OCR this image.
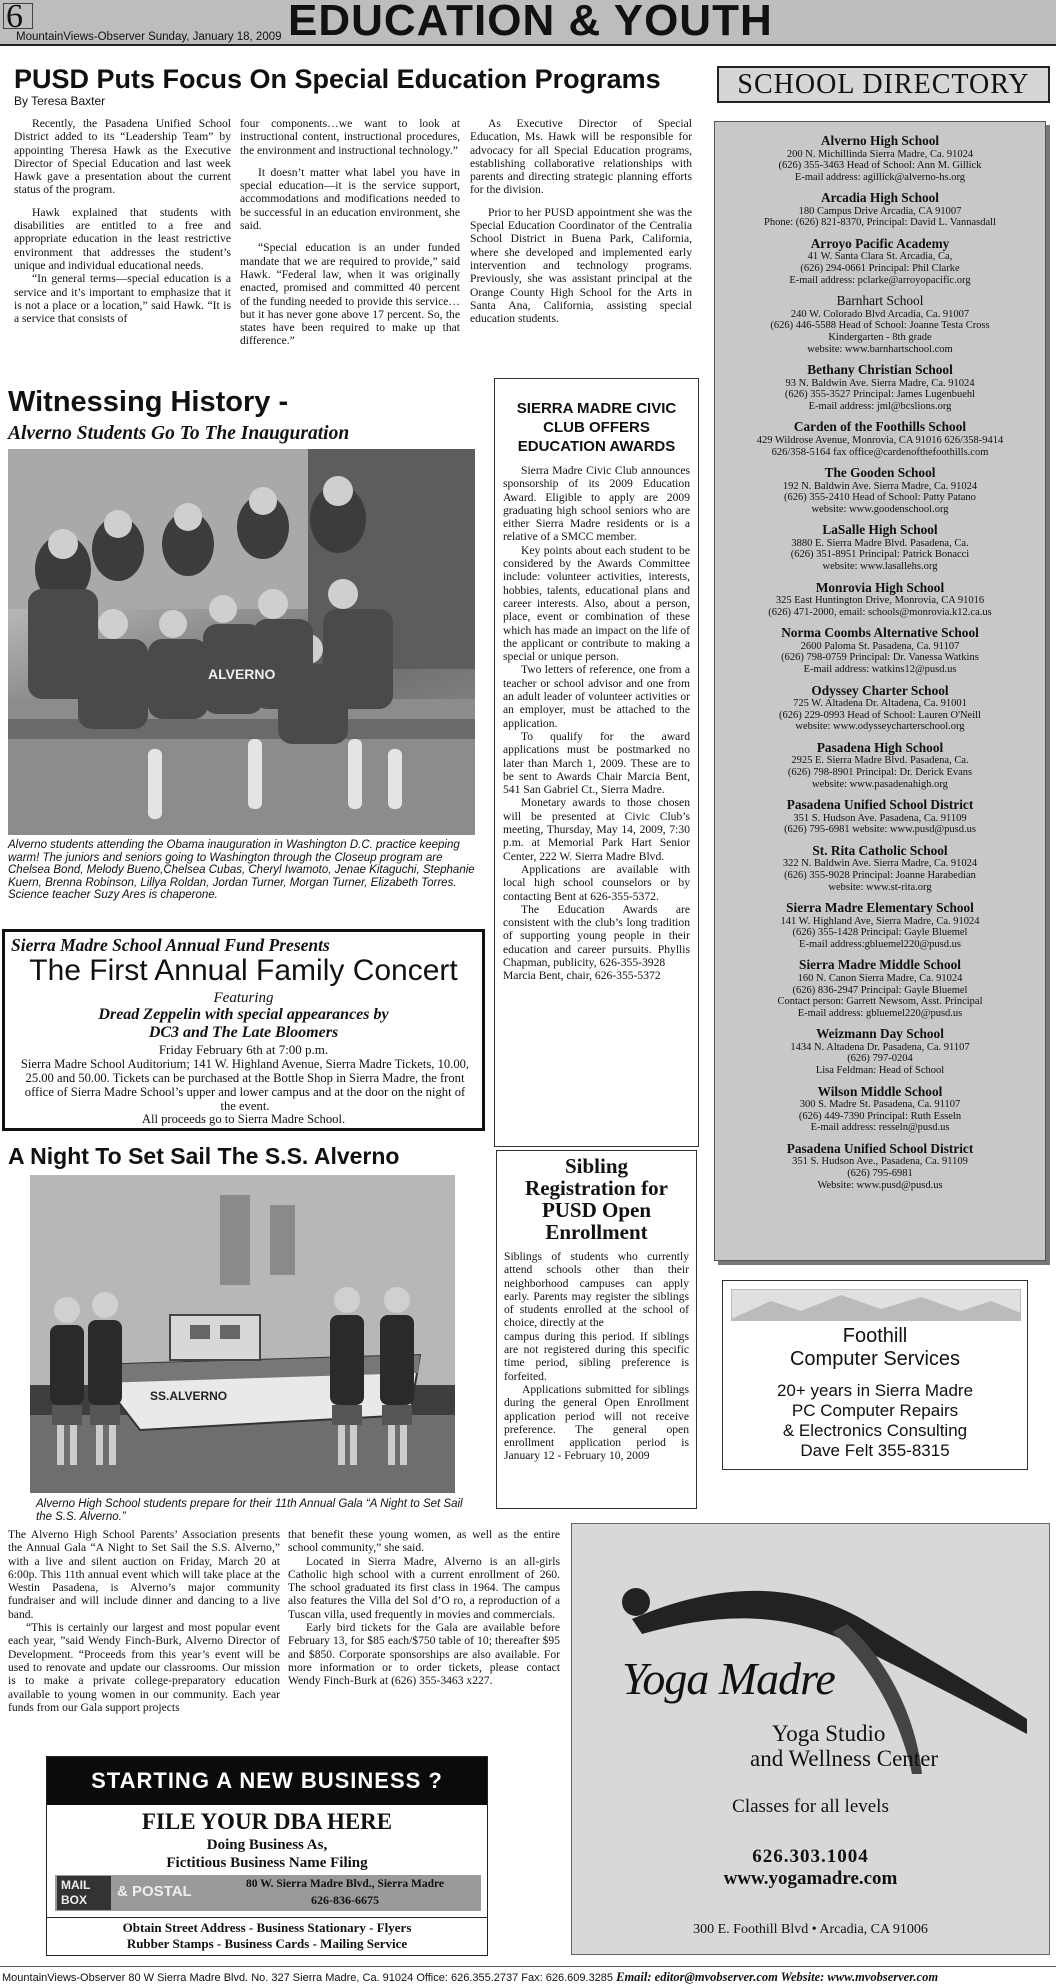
6	EDUCATION & YOUTH
MountainViews-Observer Sunday, January 18, 2009
PUSD Puts Focus On Special Education Programs
By Teresa Baxter

Recently, the Pasadena Unified School District added to its “Leadership Team” by appointing Theresa Hawk as the Executive Director of Special Education and last week Hawk gave a presentation about the current status of the program.

Hawk explained that students with disabilities are entitled to a free and appropriate education in the least restrictive environment that addresses the student’s unique and individual educational needs.

“In general terms—special education is a service and it’s important to emphasize that it is not a place or a location,” said Hawk. “It is a service that consists of

four components…we want to look at instructional content, instructional procedures, the environment and instructional technology.”

It doesn’t matter what label you have in special education—it is the service support, accommodations and modifications needed to be successful in an education environment, she said.

“Special education is an under funded mandate that we are required to provide,” said Hawk. “Federal law, when it was originally enacted, promised and committed 40 percent of the funding needed to provide this service…but it has never gone above 17 percent. So, the states have been required to make up that difference.”

As Executive Director of Special Education, Ms. Hawk will be responsible for advocacy for all Special Education programs, establishing collaborative relationships with parents and directing strategic planning efforts for the division.

Prior to her PUSD appointment she was the Special Education Coordinator of the Centralia School District in Buena Park, California, where she developed and implemented early intervention and technology programs. Previously, she was assistant principal at the Orange County High School for the Arts in Santa Ana, California, assisting special education students.

Witnessing History -
Alverno Students Go To The Inauguration
ALVERNO
Alverno students attending the Obama inauguration in Washington D.C. practice keeping warm! The juniors and seniors going to Washington through the Closeup program are Chelsea Bond, Melody Bueno,Chelsea Cubas, Cheryl Iwamoto, Jenae Kitaguchi, Stephanie Kuern, Brenna Robinson, Lillya Roldan, Jordan Turner, Morgan Turner, Elizabeth Torres.
Science teacher Suzy Ares is chaperone.
Sierra Madre School Annual Fund Presents
The First Annual Family Concert
Featuring
Dread Zeppelin with special appearances by
DC3 and The Late Bloomers
Friday February 6th at 7:00 p.m.
Sierra Madre School Auditorium; 141 W. Highland Avenue, Sierra Madre Tickets, 10.00, 25.00 and 50.00. Tickets can be purchased at the Bottle Shop in Sierra Madre, the front office of Sierra Madre School’s upper and lower campus and at the door on the night of the event.
All proceeds go to Sierra Madre School.
A Night To Set Sail The S.S. Alverno
SS.ALVERNO
Alverno High School students prepare for their 11th Annual Gala “A Night to Set Sail the S.S. Alverno.”

The Alverno High School Parents’ Association presents the Annual Gala “A Night to Set Sail the S.S. Alverno,” with a live and silent auction on Friday, March 20 at 6:00p. This 11th annual event which will take place at the Westin Pasadena, is Alverno’s major community fundraiser and will include dinner and dancing to a live band.

“This is certainly our largest and most popular event each year, ”said Wendy Finch-Burk, Alverno Director of Development. “Proceeds from this year’s event will be used to renovate and update our classrooms. Our mission is to make a private college-preparatory education available to young women in our community. Each year funds from our Gala support projects

that benefit these young women, as well as the entire school community,” she said.

Located in Sierra Madre, Alverno is an all-girls Catholic high school with a current enrollment of 260. The school graduated its first class in 1964. The campus also features the Villa del Sol d’O ro, a reproduction of a Tuscan villa, used frequently in movies and commercials.

Early bird tickets for the Gala are available before February 13, for $85 each/$750 table of 10; thereafter $95 and $850. Corporate sponsorships are also available. For more information or to order tickets, please contact Wendy Finch-Burk at (626) 355-3463 x227.

STARTING A NEW BUSINESS ?
FILE YOUR DBA HERE
Doing Business As,
Fictitious Business Name Filing
MAIL
BOX	& POSTAL	80 W. Sierra Madre Blvd., Sierra Madre
626-836-6675
Obtain Street Address - Business Stationary - Flyers
Rubber Stamps - Business Cards - Mailing Service
SIERRA MADRE CIVIC CLUB OFFERS EDUCATION AWARDS

Sierra Madre Civic Club announces sponsorship of its 2009 Education Award. Eligible to apply are 2009 graduating high school seniors who are either Sierra Madre residents or is a relative of a SMCC member.

Key points about each student to be considered by the Awards Committee include: volunteer activities, interests, hobbies, talents, educational plans and career interests. Also, about a person, place, event or combination of these which has made an impact on the life of the applicant or contribute to making a special or unique person.

Two letters of reference, one from a teacher or school advisor and one from an adult leader of volunteer activities or an employer, must be attached to the application.

To qualify for the award applications must be postmarked no later than March 1, 2009. These are to be sent to Awards Chair Marcia Bent, 541 San Gabriel Ct., Sierra Madre.

Monetary awards to those chosen will be presented at Civic Club’s meeting, Thursday, May 14, 2009, 7:30 p.m. at Memorial Park Hart Senior Center, 222 W. Sierra Madre Blvd.

Applications are available with local high school counselors or by contacting Bent at 626-355-5372.

The Education Awards are consistent with the club’s long tradition of supporting young people in their education and career pursuits. Phyllis Chapman, publicity, 626-355-3928

Marcia Bent, chair, 626-355-5372

Sibling Registration for PUSD Open Enrollment

Siblings of students who currently attend schools other than their neighborhood campuses can apply early. Parents may register the siblings of students enrolled at the school of choice, directly at the

campus during this period. If siblings are not registered during this specific time period, sibling preference is forfeited.

Applications submitted for siblings during the general Open Enrollment application period will not receive preference. The general open enrollment application period is January 12 - February 10, 2009

SCHOOL DIRECTORY
Alverno High School
200 N. Michillinda Sierra Madre, Ca. 91024
(626) 355-3463 Head of School: Ann M. Gillick
E-mail address: agillick@alverno-hs.org
Arcadia High School
180 Campus Drive Arcadia, CA 91007
Phone: (626) 821-8370, Principal: David L. Vannasdall
Arroyo Pacific Academy
41 W. Santa Clara St. Arcadia, Ca,
(626) 294-0661 Principal: Phil Clarke
E-mail address: pclarke@arroyopacific.org
Barnhart School
240 W. Colorado Blvd Arcadia, Ca. 91007
(626) 446-5588 Head of School: Joanne Testa Cross
Kindergarten - 8th grade
website: www.barnhartschool.com
Bethany Christian School
93 N. Baldwin Ave. Sierra Madre, Ca. 91024
(626) 355-3527 Principal: James Lugenbuehl
E-mail address: jml@bcslions.org
Carden of the Foothills School
429 Wildrose Avenue, Monrovia, CA 91016 626/358-9414
626/358-5164 fax office@cardenofthefoothills.com
The Gooden School
192 N. Baldwin Ave. Sierra Madre, Ca. 91024
(626) 355-2410 Head of School: Patty Patano
website: www.goodenschool.org
LaSalle High School
3880 E. Sierra Madre Blvd. Pasadena, Ca.
(626) 351-8951 Principal: Patrick Bonacci
website: www.lasallehs.org
Monrovia High School
325 East Huntington Drive, Monrovia, CA 91016
(626) 471-2000, email: schools@monrovia.k12.ca.us
Norma Coombs Alternative School
2600 Paloma St. Pasadena, Ca. 91107
(626) 798-0759 Principal: Dr. Vanessa Watkins
E-mail address: watkins12@pusd.us
Odyssey Charter School
725 W. Altadena Dr. Altadena, Ca. 91001
(626) 229-0993 Head of School: Lauren O'Neill
website: www.odysseycharterschool.org
Pasadena High School
2925 E. Sierra Madre Blvd. Pasadena, Ca.
(626) 798-8901 Principal: Dr. Derick Evans
website: www.pasadenahigh.org
Pasadena Unified School District
351 S. Hudson Ave. Pasadena, Ca. 91109
(626) 795-6981 website: www.pusd@pusd.us
St. Rita Catholic School
322 N. Baldwin Ave. Sierra Madre, Ca. 91024
(626) 355-9028 Principal: Joanne Harabedian
website: www.st-rita.org
Sierra Madre Elementary School
141 W. Highland Ave, Sierra Madre, Ca. 91024
(626) 355-1428 Principal: Gayle Bluemel
E-mail address:gbluemel220@pusd.us
Sierra Madre Middle School
160 N. Canon Sierra Madre, Ca. 91024
(626) 836-2947 Principal: Gayle Bluemel
Contact person: Garrett Newsom, Asst. Principal
E-mail address: gbluemel220@pusd.us
Weizmann Day School
1434 N. Altadena Dr. Pasadena, Ca. 91107
(626) 797-0204
Lisa Feldman: Head of School
Wilson Middle School
300 S. Madre St. Pasadena, Ca. 91107
(626) 449-7390 Principal: Ruth Esseln
E-mail address: resseln@pusd.us
Pasadena Unified School District
351 S. Hudson Ave., Pasadena, Ca. 91109
(626) 795-6981
Website: www.pusd@pusd.us
Foothill
Computer Services
20+ years in Sierra Madre
PC Computer Repairs
& Electronics Consulting
Dave Felt 355-8315
Yoga Madre
Yoga Studio
and Wellness Center
Classes for all levels
626.303.1004
www.yogamadre.com
300 E. Foothill Blvd • Arcadia, CA 91006
MountainViews-Observer 80 W Sierra Madre Blvd. No. 327 Sierra Madre, Ca. 91024 Office: 626.355.2737 Fax: 626.609.3285 Email: editor@mvobserver.com Website: www.mvobserver.com
